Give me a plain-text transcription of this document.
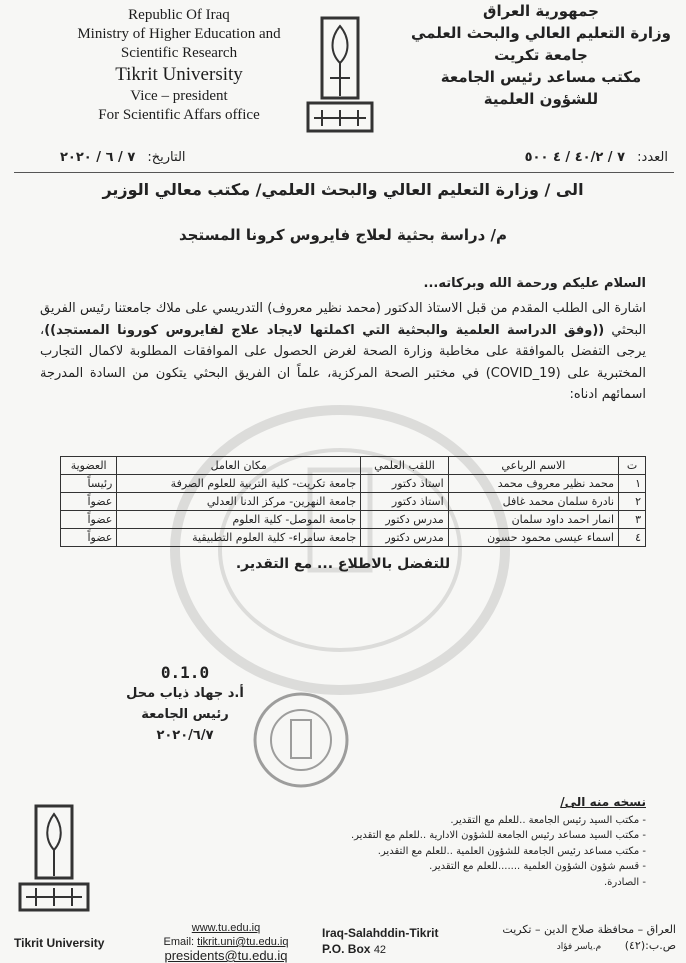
Republic Of Iraq
Ministry of Higher Education and
Scientific Research
Tikrit University
Vice – president
For Scientific Affars office
جمهورية العراق
وزارة التعليم العالي والبحث العلمي
جامعة تكريت
مكتب مساعد رئيس الجامعة
للشؤون العلمية
العدد: ٧ / ٤٠/٢ / ٤ ٥٠٠
التاريخ: ٧ / ٦ / ٢٠٢٠
الى / وزارة التعليم العالي والبحث العلمي/ مكتب معالي الوزير
م/ دراسة بحثية لعلاج فايروس كرونا المستجد
السلام عليكم ورحمة الله وبركاته...
اشارة الى الطلب المقدم من قبل الاستاذ الدكتور (محمد نظير معروف) التدريسي على ملاك جامعتنا رئيس الفريق البحثي ((وفق الدراسة العلمية والبحثية التي اكملتها لايجاد علاج لفايروس كورونا المستجد))، يرجى التفضل بالموافقة على مخاطبة وزارة الصحة لغرض الحصول على الموافقات المطلوبة لاكمال التجارب المختبرية على (COVID_19) في مختبر الصحة المركزية، علماً ان الفريق البحثي يتكون من السادة المدرجة اسمائهم ادناه:
ت	الاسم الرباعي	اللقب العلمي	مكان العامل	العضوية
١	محمد نظير معروف محمد	استاذ دكتور	جامعة تكريت- كلية التربية للعلوم الصرفة	رئيساً
٢	نادرة سلمان محمد غافل	استاذ دكتور	جامعة النهرين- مركز الدنا العدلي	عضواً
٣	انمار احمد داود سلمان	مدرس دكتور	جامعة الموصل- كلية العلوم	عضواً
٤	اسماء عيسى محمود حسون	مدرس دكتور	جامعة سامراء- كلية العلوم التطبيقية	عضواً
للتفضل بالاطلاع ... مع التقدير.
0.1.0
أ.د جهاد ذياب محل
رئيس الجامعة
٢٠٢٠/٦/٧
نسخه منه الى/
- مكتب السيد رئيس الجامعة ..للعلم مع التقدير.
- مكتب السيد مساعد رئيس الجامعة للشؤون الادارية ..للعلم مع التقدير.
- مكتب مساعد رئيس الجامعة للشؤون العلمية ..للعلم مع التقدير.
- قسم شؤون الشؤون العلمية .......للعلم مع التقدير.
- الصادرة.
Tikrit University
www.tu.edu.iq
Email: tikrit.uni@tu.edu.iq
presidents@tu.edu.iq
Iraq-Salahddin-Tikrit
P.O. Box 42
العراق – محافظة صلاح الدين – تكريت
ص.ب:(٤٢) م.ياسر فؤاد
